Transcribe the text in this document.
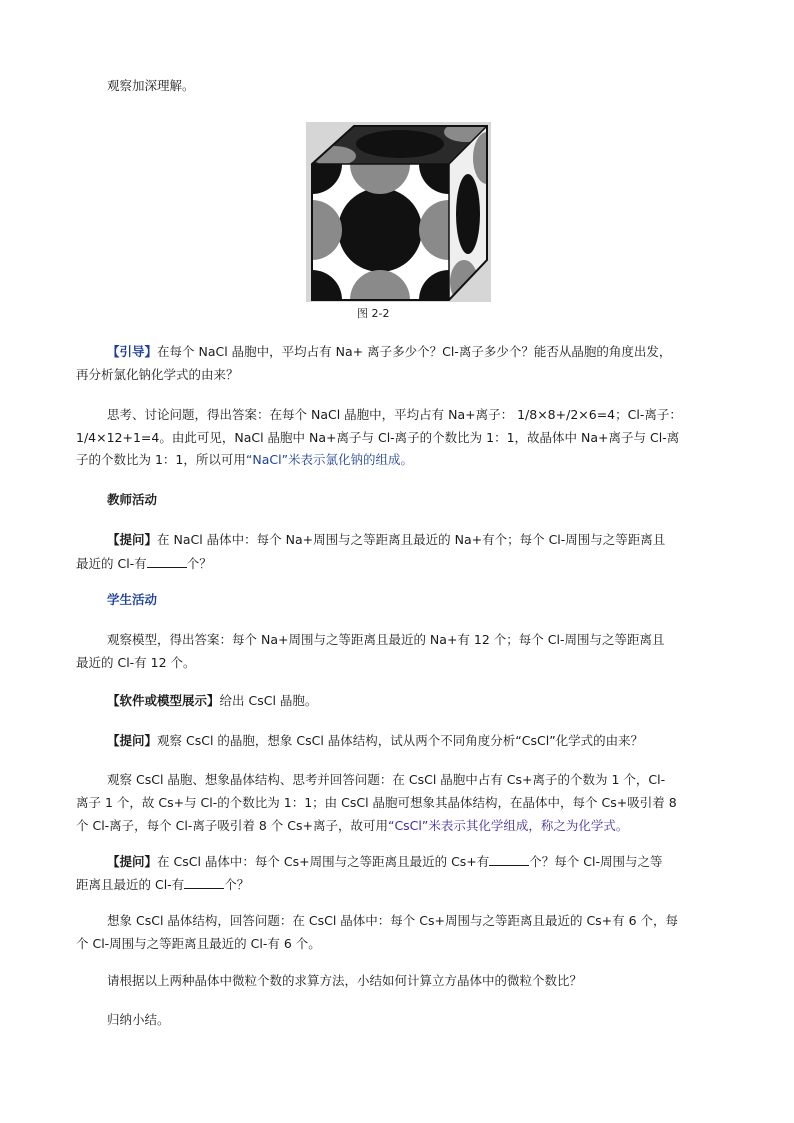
观察加深理解。
图 2-2
【引导】在每个 NaCl 晶胞中，平均占有 Na+ 离子多少个？Cl-离子多少个？能否从晶胞的角度出发，
再分析氯化钠化学式的由来？
思考、讨论问题，得出答案：在每个 NaCl 晶胞中，平均占有 Na+离子： 1/8×8+/2×6=4；Cl-离子：
1/4×12+1=4。由此可见，NaCl 晶胞中 Na+离子与 Cl-离子的个数比为 1：1，故晶体中 Na+离子与 Cl-离
子的个数比为 1：1，所以可用“NaCl”米表示氯化钠的组成。
教师活动
【提问】在 NaCl 晶体中：每个 Na+周围与之等距离且最近的 Na+有个；每个 Cl-周围与之等距离且
最近的 Cl-有	个？
学生活动
观察模型，得出答案：每个 Na+周围与之等距离且最近的 Na+有 12 个；每个 Cl-周围与之等距离且
最近的 Cl-有 12 个。
【软件或模型展示】给出 CsCl 晶胞。
【提问】观察 CsCl 的晶胞，想象 CsCl 晶体结构，试从两个不同角度分析“CsCl”化学式的由来？
观察 CsCl 晶胞、想象晶体结构、思考并回答问题：在 CsCl 晶胞中占有 Cs+离子的个数为 1 个，Cl-
离子 1 个，故 Cs+与 Cl-的个数比为 1：1；由 CsCl 晶胞可想象其晶体结构，在晶体中，每个 Cs+吸引着 8
个 Cl-离子，每个 Cl-离子吸引着 8 个 Cs+离子，故可用“CsCl”米表示其化学组成，称之为化学式。
【提问】在 CsCl 晶体中：每个 Cs+周围与之等距离且最近的 Cs+有	个？每个 Cl-周围与之等
距离且最近的 Cl-有	个？
想象 CsCl 晶体结构，回答问题：在 CsCl 晶体中：每个 Cs+周围与之等距离且最近的 Cs+有 6 个，每
个 Cl-周围与之等距离且最近的 Cl-有 6 个。
请根据以上两种晶体中微粒个数的求算方法，小结如何计算立方晶体中的微粒个数比？
归纳小结。
